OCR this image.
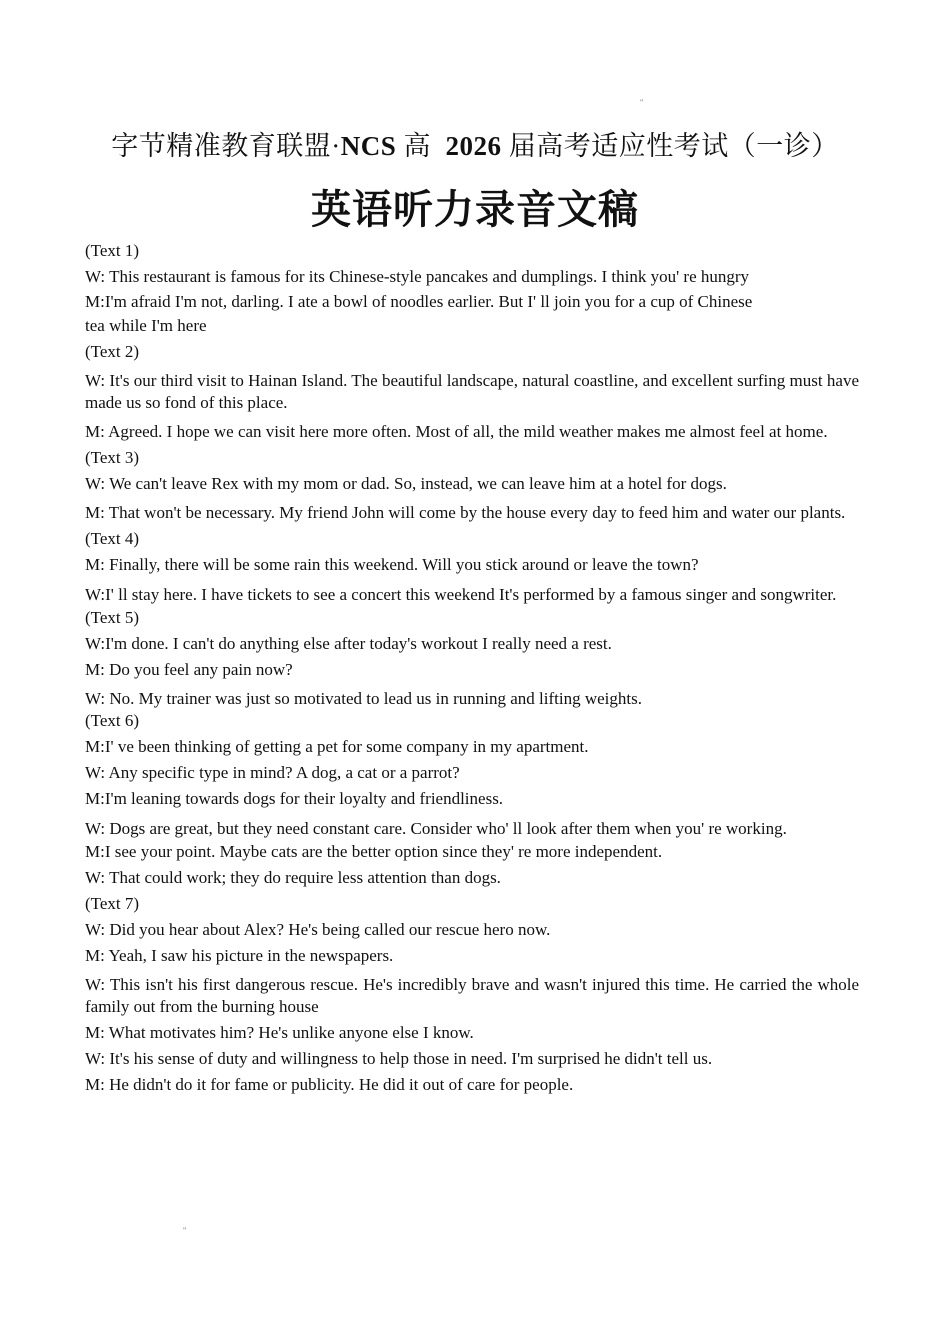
"
字节精准教育联盟·NCS 高  2026 届高考适应性考试（一诊）
英语听力录音文稿

(Text 1)

W: This restaurant is famous for its Chinese-style pancakes and dumplings. I think you' re hungry

M:I'm afraid I'm not, darling. I ate a bowl of noodles earlier. But I' ll join you for a cup of Chinese

tea while I'm here

(Text 2)

W: It's our third visit to Hainan Island. The beautiful landscape, natural coastline, and excellent surfing must have made us so fond of this place.

M: Agreed. I hope we can visit here more often. Most of all, the mild weather makes me almost feel at home.

(Text 3)

W: We can't leave Rex with my mom or dad. So, instead, we can leave him at a hotel for dogs.

M: That won't be necessary. My friend John will come by the house every day to feed him and water our plants.

(Text 4)

M: Finally, there will be some rain this weekend. Will you stick around or leave the town?

W:I' ll stay here. I have tickets to see a concert this weekend It's performed by a famous singer and songwriter.

(Text 5)

W:I'm done. I can't do anything else after today's workout I really need a rest.

M: Do you feel any pain now?

W: No. My trainer was just so motivated to lead us in running and lifting weights.

(Text 6)

M:I' ve been thinking of getting a pet for some company in my apartment.

W: Any specific type in mind? A dog, a cat or a parrot?

M:I'm leaning towards dogs for their loyalty and friendliness.

W: Dogs are great, but they need constant care. Consider who' ll look after them when you' re working.

M:I see your point. Maybe cats are the better option since they' re more independent.

W: That could work; they do require less attention than dogs.

(Text 7)

W: Did you hear about Alex? He's being called our rescue hero now.

M: Yeah, I saw his picture in the newspapers.

W: This isn't his first dangerous rescue. He's incredibly brave and wasn't injured this time. He carried the whole family out from the burning house

M: What motivates him? He's unlike anyone else I know.

W: It's his sense of duty and willingness to help those in need. I'm surprised he didn't tell us.

M: He didn't do it for fame or publicity. He did it out of care for people.

"
